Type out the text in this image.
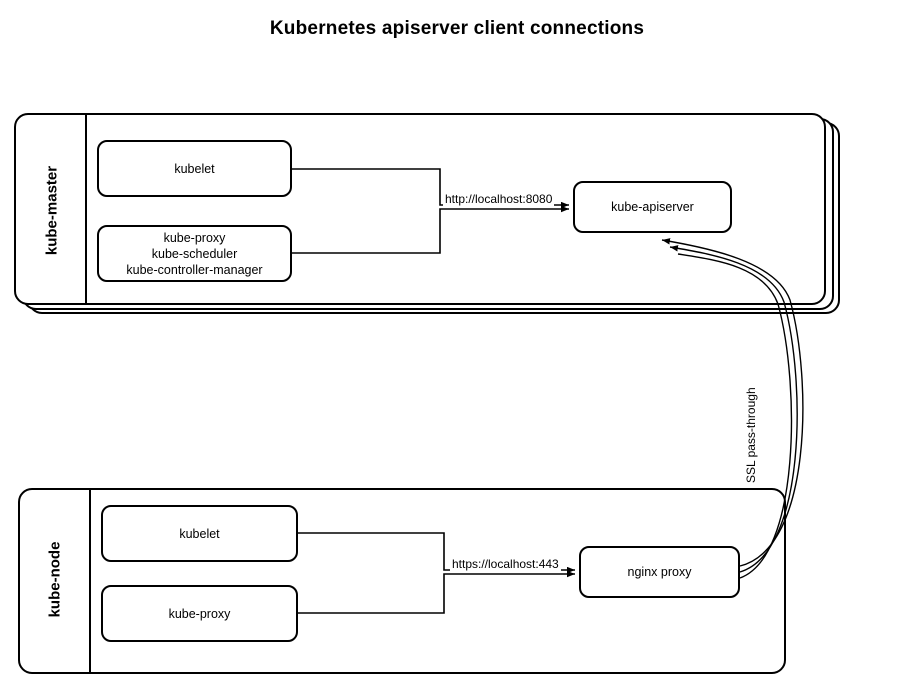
Kubernetes apiserver client connections
kube-master	kubelet
kube-proxy
kube-scheduler
kube-controller-manager
kube-apiserver
kube-node
kubelet
kube-proxy
nginx proxy
http://localhost:8080
https://localhost:443
SSL pass-through
